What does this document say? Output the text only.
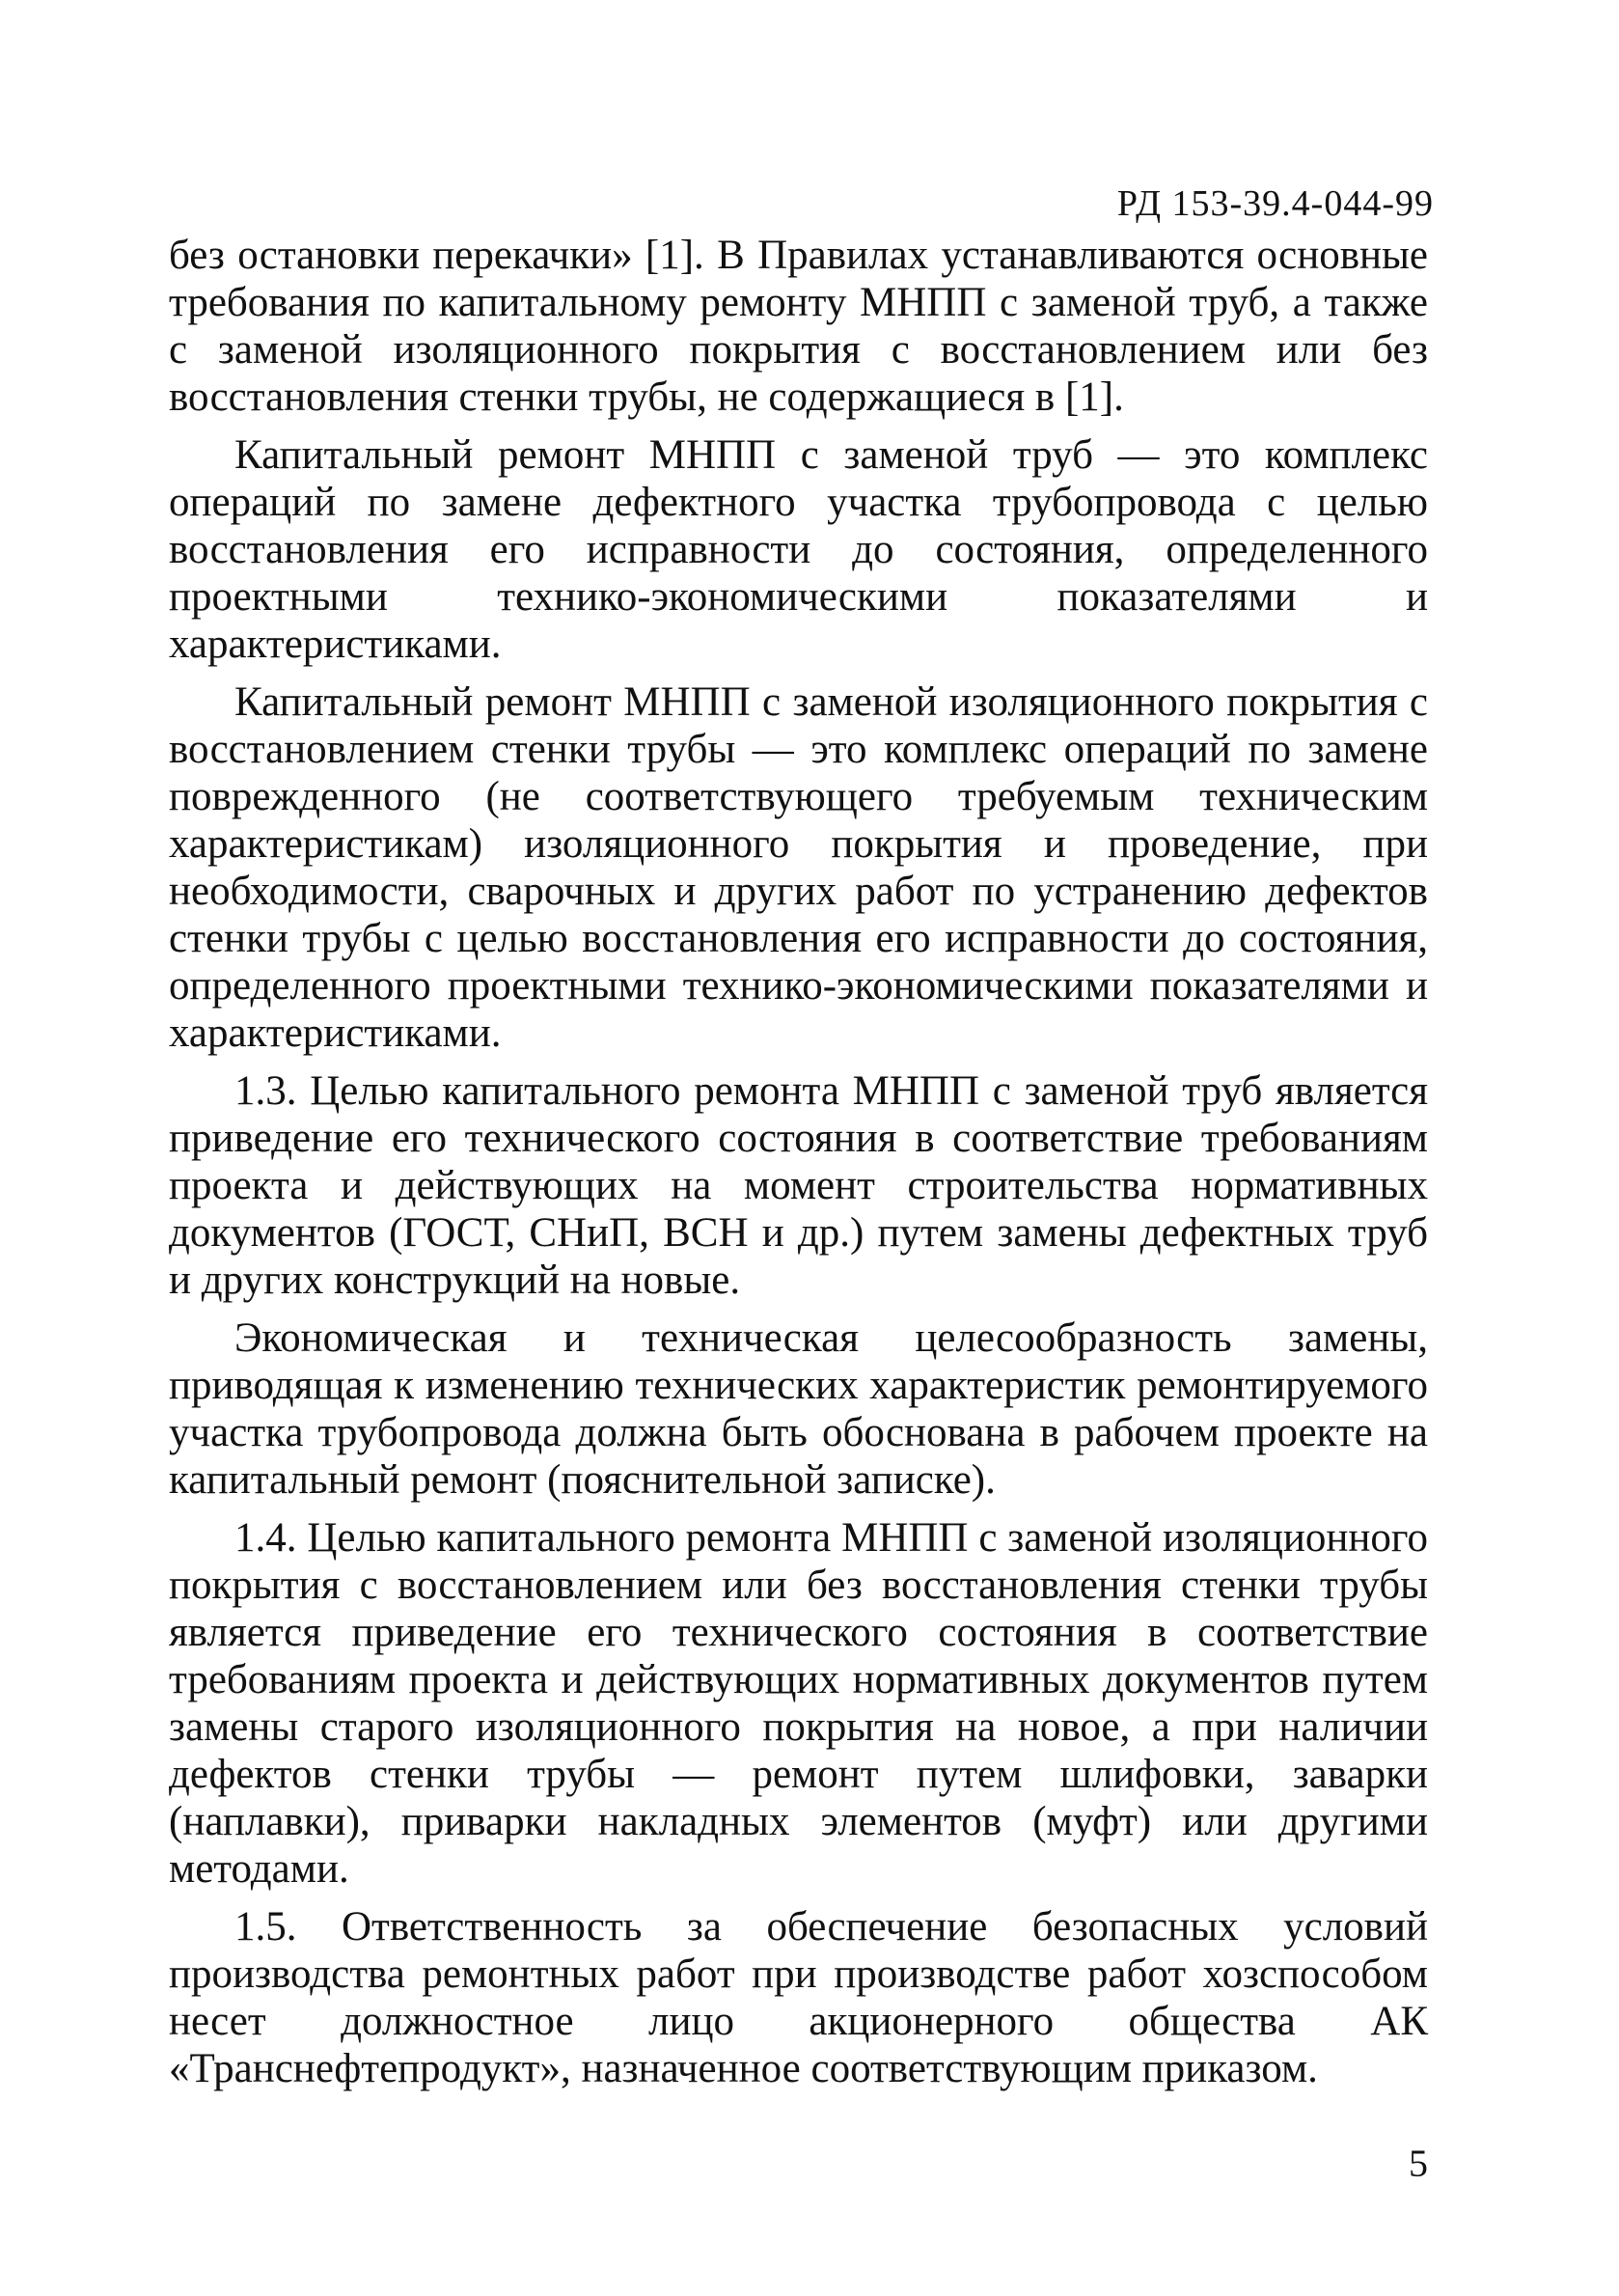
РД 153-39.4-044-99

без остановки перекачки» [1]. В Правилах устанавливаются основные требования по капитальному ремонту МНПП с заменой труб, а также с заменой изоляционного покрытия с восстановлением или без восстановления стенки трубы, не содержащиеся в [1].

Капитальный ремонт МНПП с заменой труб — это комплекс операций по замене дефектного участка трубопровода с целью восстановления его исправности до состояния, определенного проектными технико-экономическими показателями и характеристиками.

Капитальный ремонт МНПП с заменой изоляционного покрытия с восстановлением стенки трубы — это комплекс операций по замене поврежденного (не соответствующего требуемым техническим характеристикам) изоляционного покрытия и проведение, при необходимости, сварочных и других работ по устранению дефектов стенки трубы с целью восстановления его исправности до состояния, определенного проектными технико-экономическими показателями и характеристиками.

1.3. Целью капитального ремонта МНПП с заменой труб является приведение его технического состояния в соответствие требованиям проекта и действующих на момент строительства нормативных документов (ГОСТ, СНиП, ВСН и др.) путем замены дефектных труб и других конструкций на новые.

Экономическая и техническая целесообразность замены, приводящая к изменению технических характеристик ремонтируемого участка трубопровода должна быть обоснована в рабочем проекте на капитальный ремонт (пояснительной записке).

1.4. Целью капитального ремонта МНПП с заменой изоляционного покрытия с восстановлением или без восстановления стенки трубы является приведение его технического состояния в соответствие требованиям проекта и действующих нормативных документов путем замены старого изоляционного покрытия на новое, а при наличии дефектов стенки трубы — ремонт путем шлифовки, заварки (наплавки), приварки накладных элементов (муфт) или другими методами.

1.5. Ответственность за обеспечение безопасных условий производства ремонтных работ при производстве работ хозспособом несет должностное лицо акционерного общества АК «Транснефтепродукт», назначенное соответствующим приказом.

5
